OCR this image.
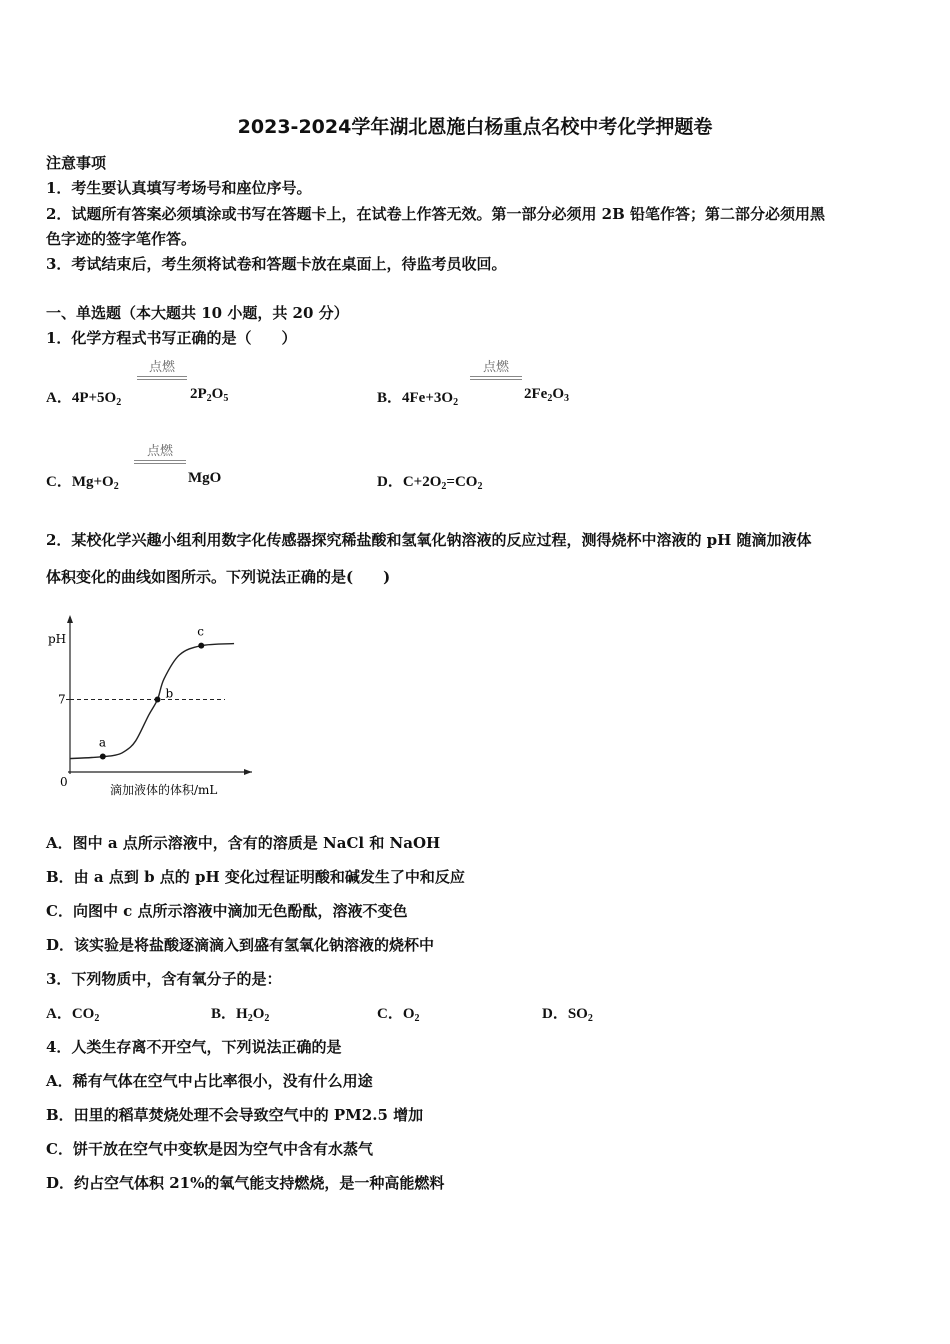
2023-2024学年湖北恩施白杨重点名校中考化学押题卷
注意事项
1．考生要认真填写考场号和座位序号。
2．试题所有答案必须填涂或书写在答题卡上，在试卷上作答无效。第一部分必须用 2B 铅笔作答；第二部分必须用黑
色字迹的签字笔作答。
3．考试结束后，考生须将试卷和答题卡放在桌面上，待监考员收回。
一、单选题（本大题共 10 小题，共 20 分）
1．化学方程式书写正确的是（　　）
A．$4P+5O_2$
点燃
$2P_2O_5$	B．$4Fe+3O_2$
点燃
$2Fe_2O_3$
C．$Mg+O_2$
点燃
MgO	D．$C+2O_2=CO_2$
2．某校化学兴趣小组利用数字化传感器探究稀盐酸和氢氧化钠溶液的反应过程，测得烧杯中溶液的 pH 随滴加液体
体积变化的曲线如图所示。下列说法正确的是(　　)
pH
0
滴加液体的体积/mL
7
a
b
c
A．图中 a 点所示溶液中，含有的溶质是 NaCl 和 NaOH
B．由 a 点到 b 点的 pH 变化过程证明酸和碱发生了中和反应
C．向图中 c 点所示溶液中滴加无色酚酞，溶液不变色
D．该实验是将盐酸逐滴滴入到盛有氢氧化钠溶液的烧杯中
3．下列物质中，含有氧分子的是：
A．$CO_2$	B．$H_2O_2$	C．$O_2$	D．$SO_2$
4．人类生存离不开空气，下列说法正确的是
A．稀有气体在空气中占比率很小，没有什么用途
B．田里的稻草焚烧处理不会导致空气中的 PM2.5 增加
C．饼干放在空气中变软是因为空气中含有水蒸气
D．约占空气体积 21%的氧气能支持燃烧，是一种高能燃料
